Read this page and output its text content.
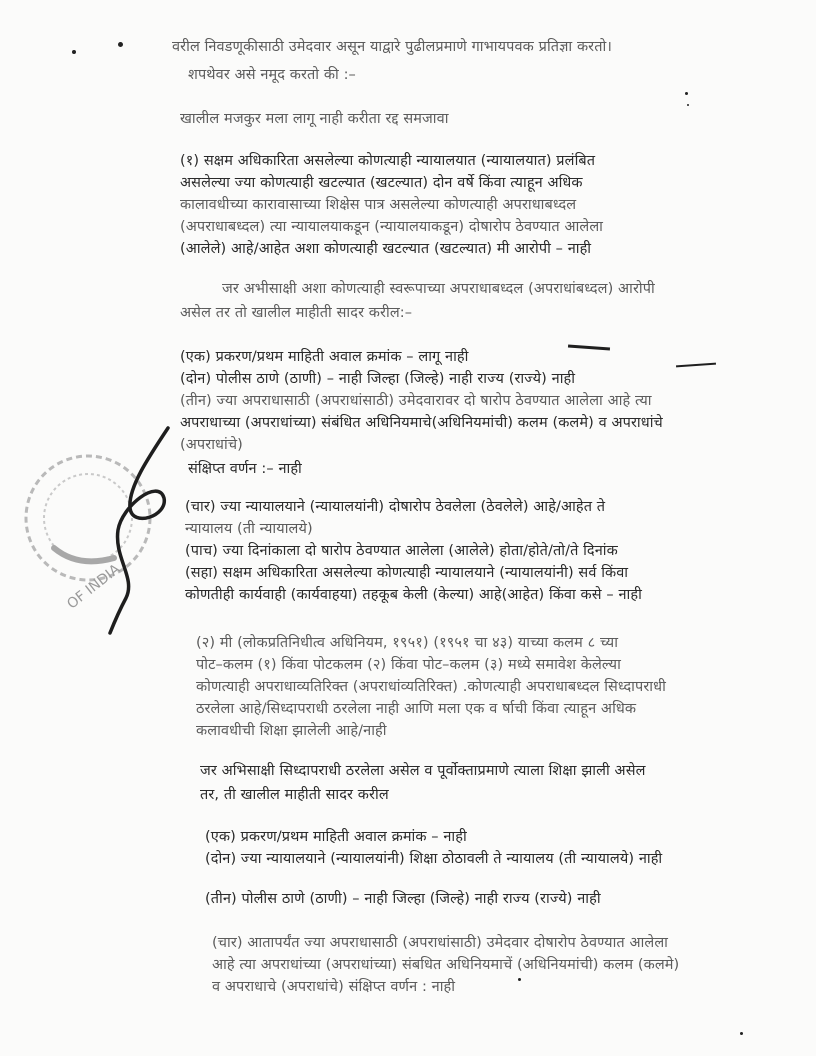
वरील निवडणूकीसाठी उमेदवार असून याद्वारे पुढीलप्रमाणे गाभायपवक प्रतिज्ञा करतो।
शपथेवर असे नमूद करतो की :–
खालील मजकुर मला लागू नाही करीता रद्द समजावा
(१) सक्षम अधिकारिता असलेल्या कोणत्याही न्यायालयात (न्यायालयात) प्रलंबित
असलेल्या ज्या कोणत्याही खटल्यात (खटल्यात) दोन वर्षे किंवा त्याहून अधिक
कालावधीच्या कारावासाच्या शिक्षेस पात्र असलेल्या कोणत्याही अपराधाबध्दल
(अपराधाबध्दल) त्या न्यायालयाकडून (न्यायालयाकडून) दोषारोप ठेवण्यात आलेला
(आलेले) आहे/आहेत अशा कोणत्याही खटल्यात (खटल्यात) मी आरोपी – नाही
जर अभीसाक्षी अशा कोणत्याही स्वरूपाच्या अपराधाबध्दल (अपराधांबध्दल) आरोपी
असेल तर तो खालील माहीती सादर करील:–
(एक) प्रकरण/प्रथम माहिती अवाल क्रमांक – लागू नाही
(दोन) पोलीस ठाणे (ठाणी) – नाही जिल्हा (जिल्हे) नाही राज्य (राज्ये) नाही
(तीन) ज्या अपराधासाठी (अपराधांसाठी) उमेदवारावर दो षारोप ठेवण्यात आलेला आहे त्या
अपराधाच्या (अपराधांच्या) संबंधित अधिनियमाचे(अधिनियमांची) कलम (कलमे) व अपराधांचे
(अपराधांचे)
संक्षिप्त वर्णन :– नाही
(चार) ज्या न्यायालयाने (न्यायालयांनी) दोषारोप ठेवलेला (ठेवलेले) आहे/आहेत ते
न्यायालय (ती न्यायालये)
(पाच) ज्या दिनांकाला दो षारोप ठेवण्यात आलेला (आलेले) होता/होते/तो/ते दिनांक
(सहा) सक्षम अधिकारिता असलेल्या कोणत्याही न्यायालयाने (न्यायालयांनी) सर्व किंवा
कोणतीही कार्यवाही (कार्यवाहया) तहकूब केली (केल्या) आहे(आहेत) किंवा कसे – नाही
(२) मी (लोकप्रतिनिधीत्व अधिनियम, १९५१) (१९५१ चा ४३) याच्या कलम ८ च्या
पोट–कलम (१) किंवा पोटकलम (२) किंवा पोट–कलम (३) मध्ये समावेश केलेल्या
कोणत्याही अपराधाव्यतिरिक्त (अपराधांव्यतिरिक्त) .कोणत्याही अपराधाबध्दल सिध्दापराधी
ठरलेला आहे/सिध्दापराधी ठरलेला नाही आणि मला एक व र्षाची किंवा त्याहून अधिक
कलावधीची शिक्षा झालेली आहे/नाही
जर अभिसाक्षी सिध्दापराधी ठरलेला असेल व पूर्वोक्ताप्रमाणे त्याला शिक्षा झाली असेल
तर, ती खालील माहीती सादर करील
(एक) प्रकरण/प्रथम माहिती अवाल क्रमांक – नाही
(दोन) ज्या न्यायालयाने (न्यायालयांनी) शिक्षा ठोठावली ते न्यायालय (ती न्यायालये) नाही
(तीन) पोलीस ठाणे (ठाणी) – नाही जिल्हा (जिल्हे) नाही राज्य (राज्ये) नाही
(चार) आतापर्यंत ज्या अपराधासाठी (अपराधांसाठी) उमेदवार दोषारोप ठेवण्यात आलेला
आहे त्या अपराधांच्या (अपराधांच्या) संबधित अधिनियमाचें (अधिनियमांची) कलम (कलमे)
व अपराधाचे (अपराधांचे) संक्षिप्त वर्णन : नाही
OF INDIA
